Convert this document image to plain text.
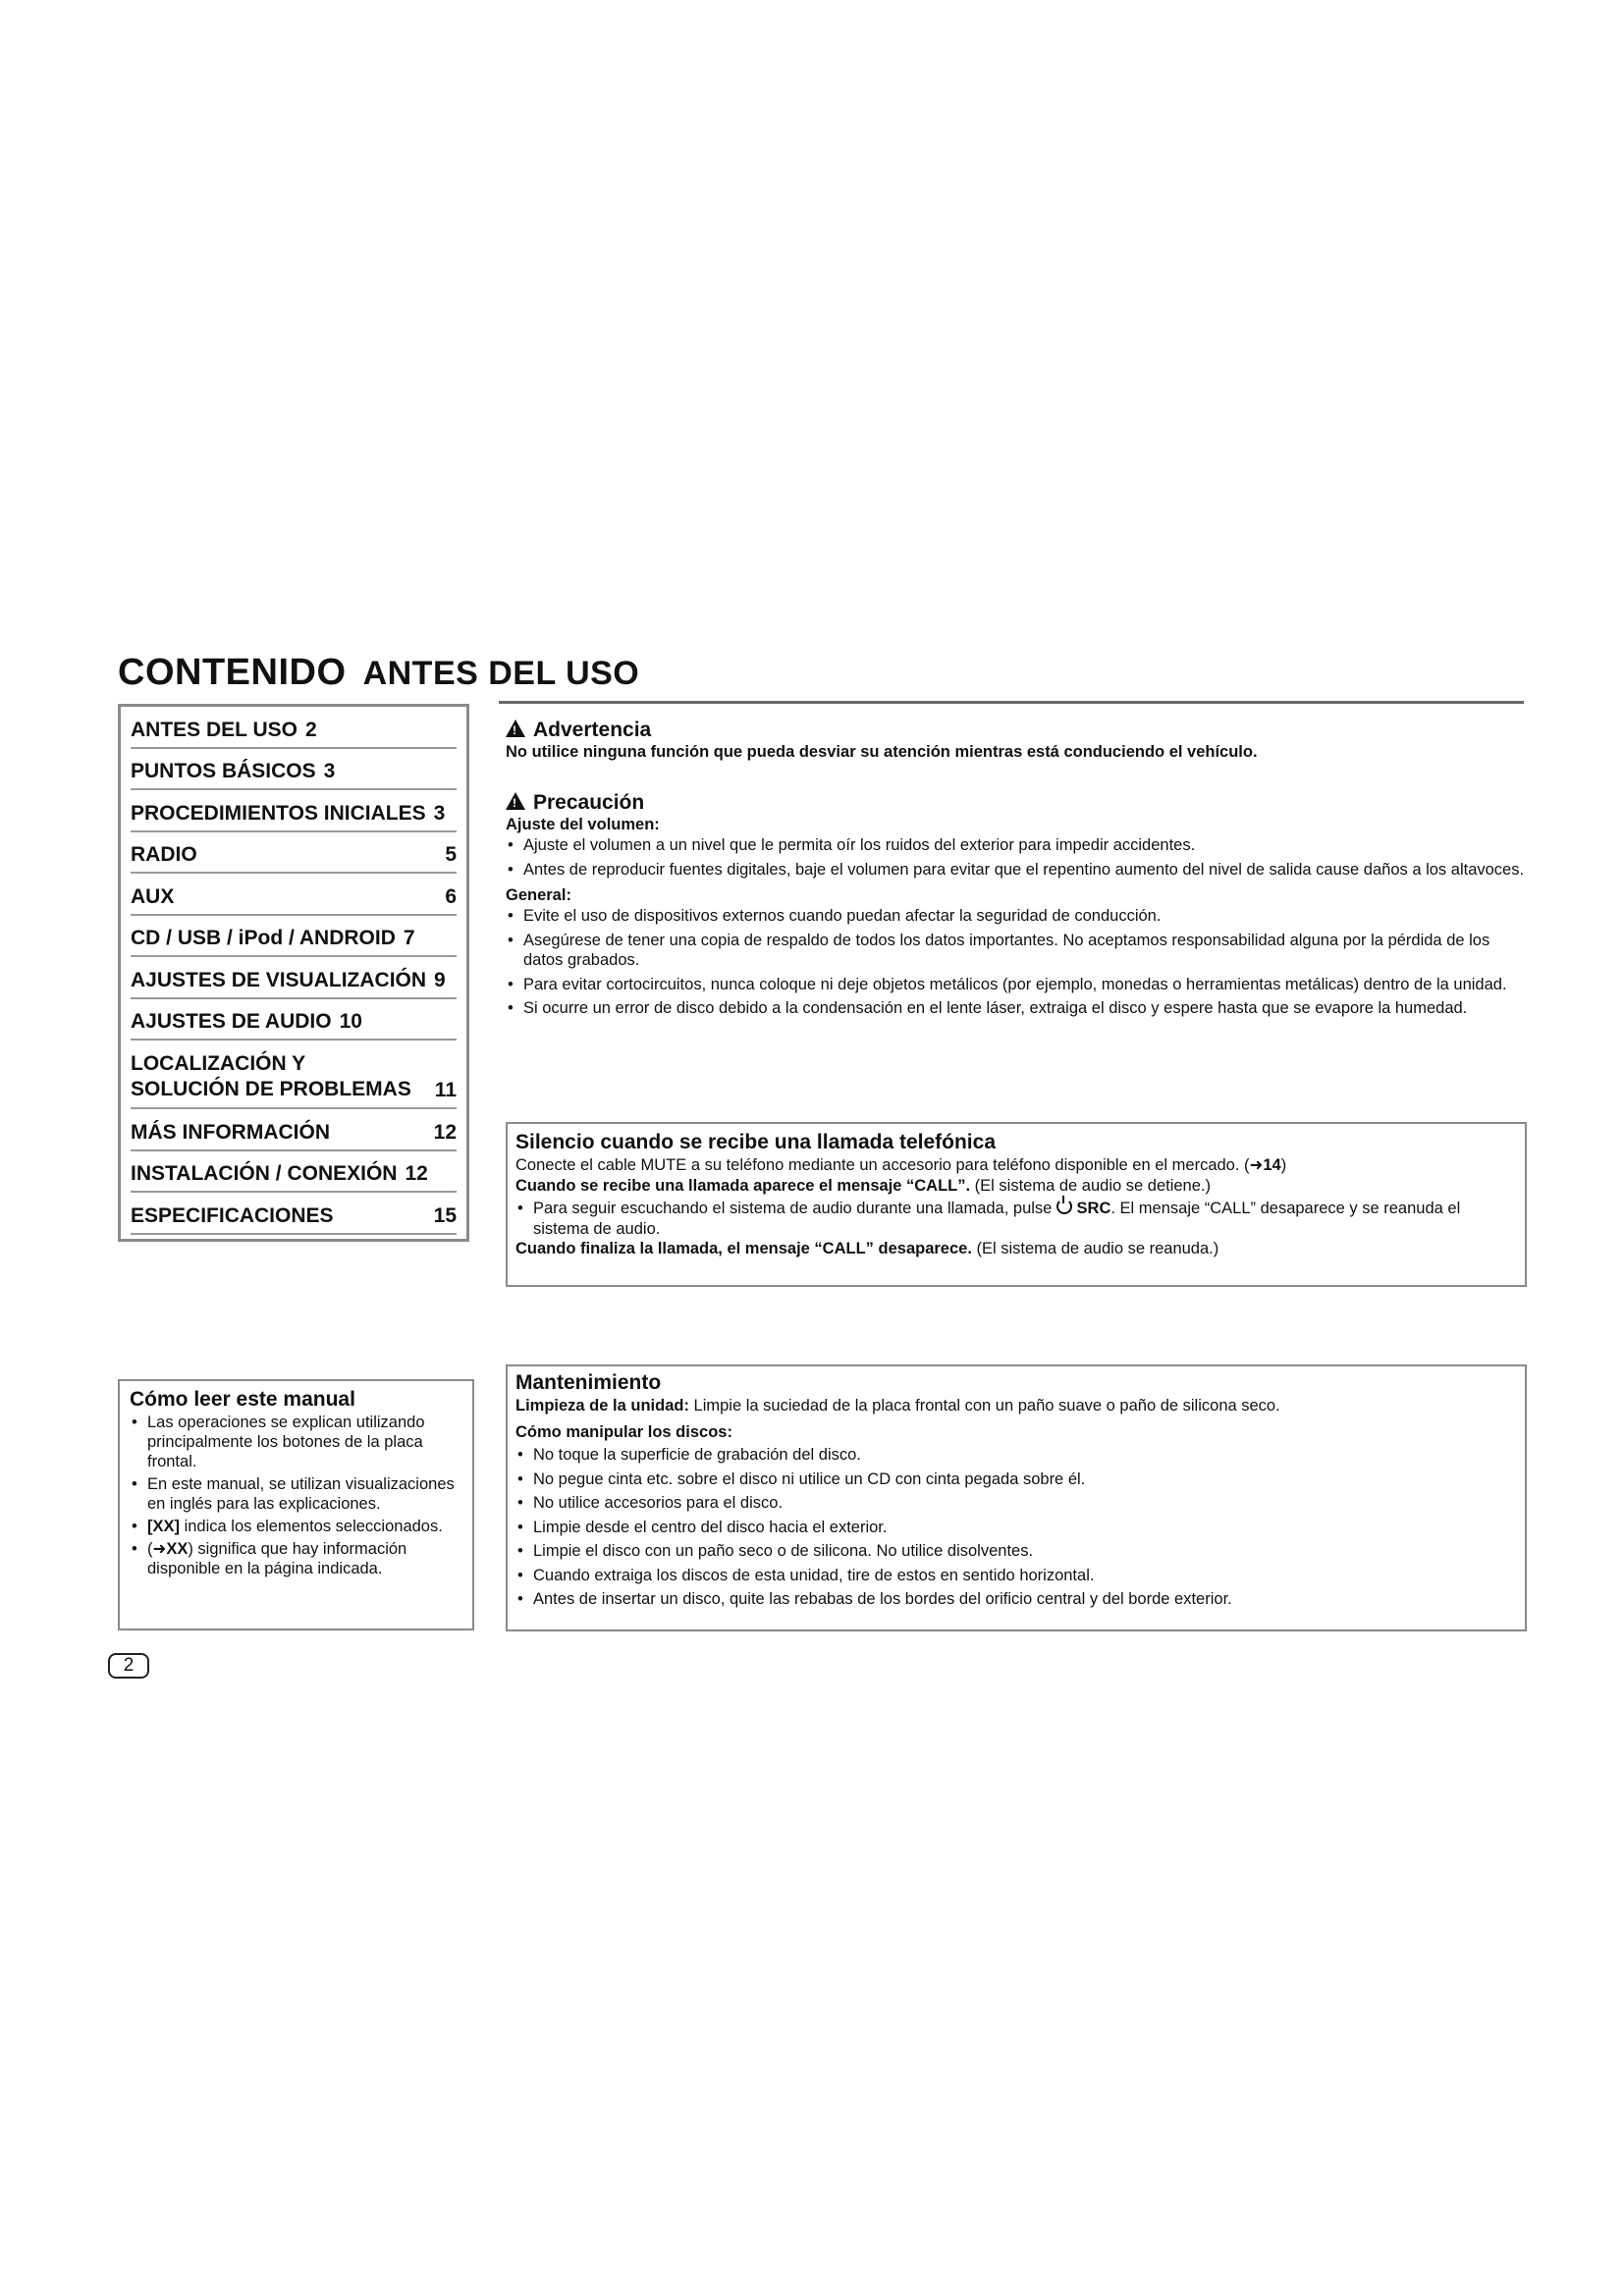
CONTENIDO ANTES DEL USO
ANTES DEL USO 2
PUNTOS BÁSICOS 3
PROCEDIMIENTOS INICIALES 3
RADIO	5
AUX	6
CD / USB / iPod / ANDROID 7
AJUSTES DE VISUALIZACIÓN 9
AJUSTES DE AUDIO 10
LOCALIZACIÓN Y SOLUCIÓN DE PROBLEMAS 11
MÁS INFORMACIÓN	12
INSTALACIÓN / CONEXIÓN 12
ESPECIFICACIONES	15
!Advertencia
No utilice ninguna función que pueda desviar su atención mientras está conduciendo el vehículo.
!Precaución
Ajuste del volumen:
• Ajuste el volumen a un nivel que le permita oír los ruidos del exterior para impedir accidentes.
• Antes de reproducir fuentes digitales, baje el volumen para evitar que el repentino aumento del nivel de salida cause daños a los altavoces.
General:
• Evite el uso de dispositivos externos cuando puedan afectar la seguridad de conducción.
• Asegúrese de tener una copia de respaldo de todos los datos importantes. No aceptamos responsabilidad alguna por la pérdida de los datos grabados.
• Para evitar cortocircuitos, nunca coloque ni deje objetos metálicos (por ejemplo, monedas o herramientas metálicas) dentro de la unidad.
• Si ocurre un error de disco debido a la condensación en el lente láser, extraiga el disco y espere hasta que se evapore la humedad.
Silencio cuando se recibe una llamada telefónica
Conecte el cable MUTE a su teléfono mediante un accesorio para teléfono disponible en el mercado. (➜14)
Cuando se recibe una llamada aparece el mensaje “CALL”. (El sistema de audio se detiene.)
• Para seguir escuchando el sistema de audio durante una llamada, pulse  SRC. El mensaje “CALL” desaparece y se reanuda el sistema de audio.
Cuando finaliza la llamada, el mensaje “CALL” desaparece. (El sistema de audio se reanuda.)
Cómo leer este manual
• Las operaciones se explican utilizando principalmente los botones de la placa frontal.
• En este manual, se utilizan visualizaciones en inglés para las explicaciones.
• [XX] indica los elementos seleccionados.
• (➜XX) significa que hay información disponible en la página indicada.
Mantenimiento
Limpieza de la unidad: Limpie la suciedad de la placa frontal con un paño suave o paño de silicona seco.
Cómo manipular los discos:
• No toque la superficie de grabación del disco.
• No pegue cinta etc. sobre el disco ni utilice un CD con cinta pegada sobre él.
• No utilice accesorios para el disco.
• Limpie desde el centro del disco hacia el exterior.
• Limpie el disco con un paño seco o de silicona. No utilice disolventes.
• Cuando extraiga los discos de esta unidad, tire de estos en sentido horizontal.
• Antes de insertar un disco, quite las rebabas de los bordes del orificio central y del borde exterior.
2
